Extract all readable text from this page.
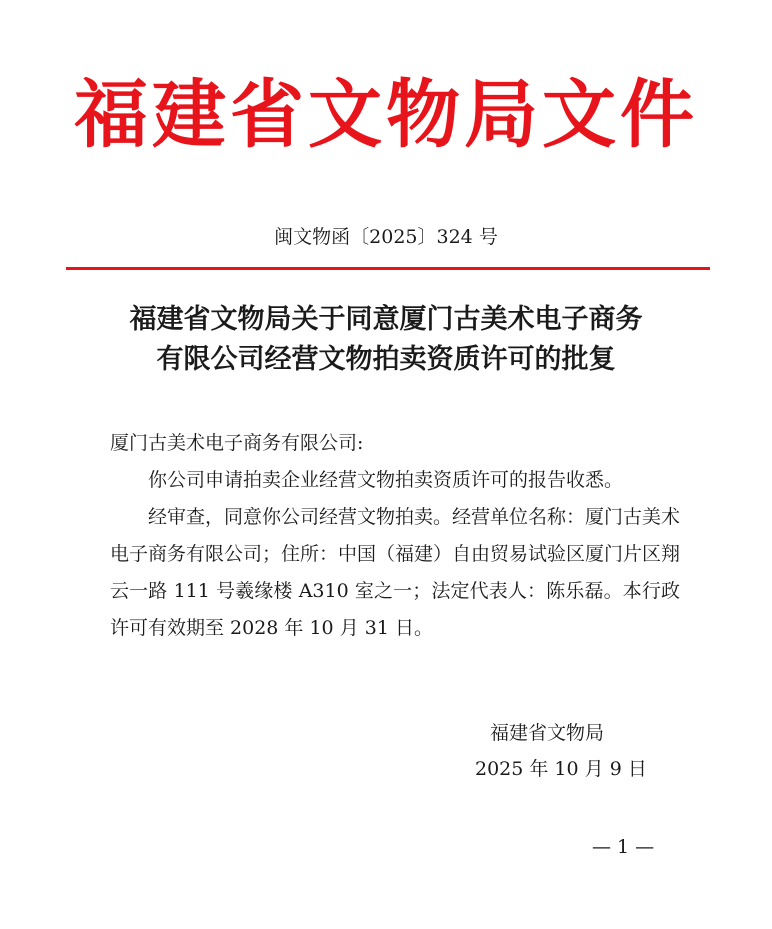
福建省文物局文件
闽文物函〔2025〕324 号
福建省文物局关于同意厦门古美术电子商务
有限公司经营文物拍卖资质许可的批复

厦门古美术电子商务有限公司:

你公司申请拍卖企业经营文物拍卖资质许可的报告收悉。

经审查，同意你公司经营文物拍卖。经营单位名称：厦门古美术电子商务有限公司；住所：中国（福建）自由贸易试验区厦门片区翔云一路 111 号羲缘楼 A310 室之一；法定代表人：陈乐磊。本行政许可有效期至 2028 年 10 月 31 日。

福建省文物局
2025 年 10 月 9 日
— 1 —
